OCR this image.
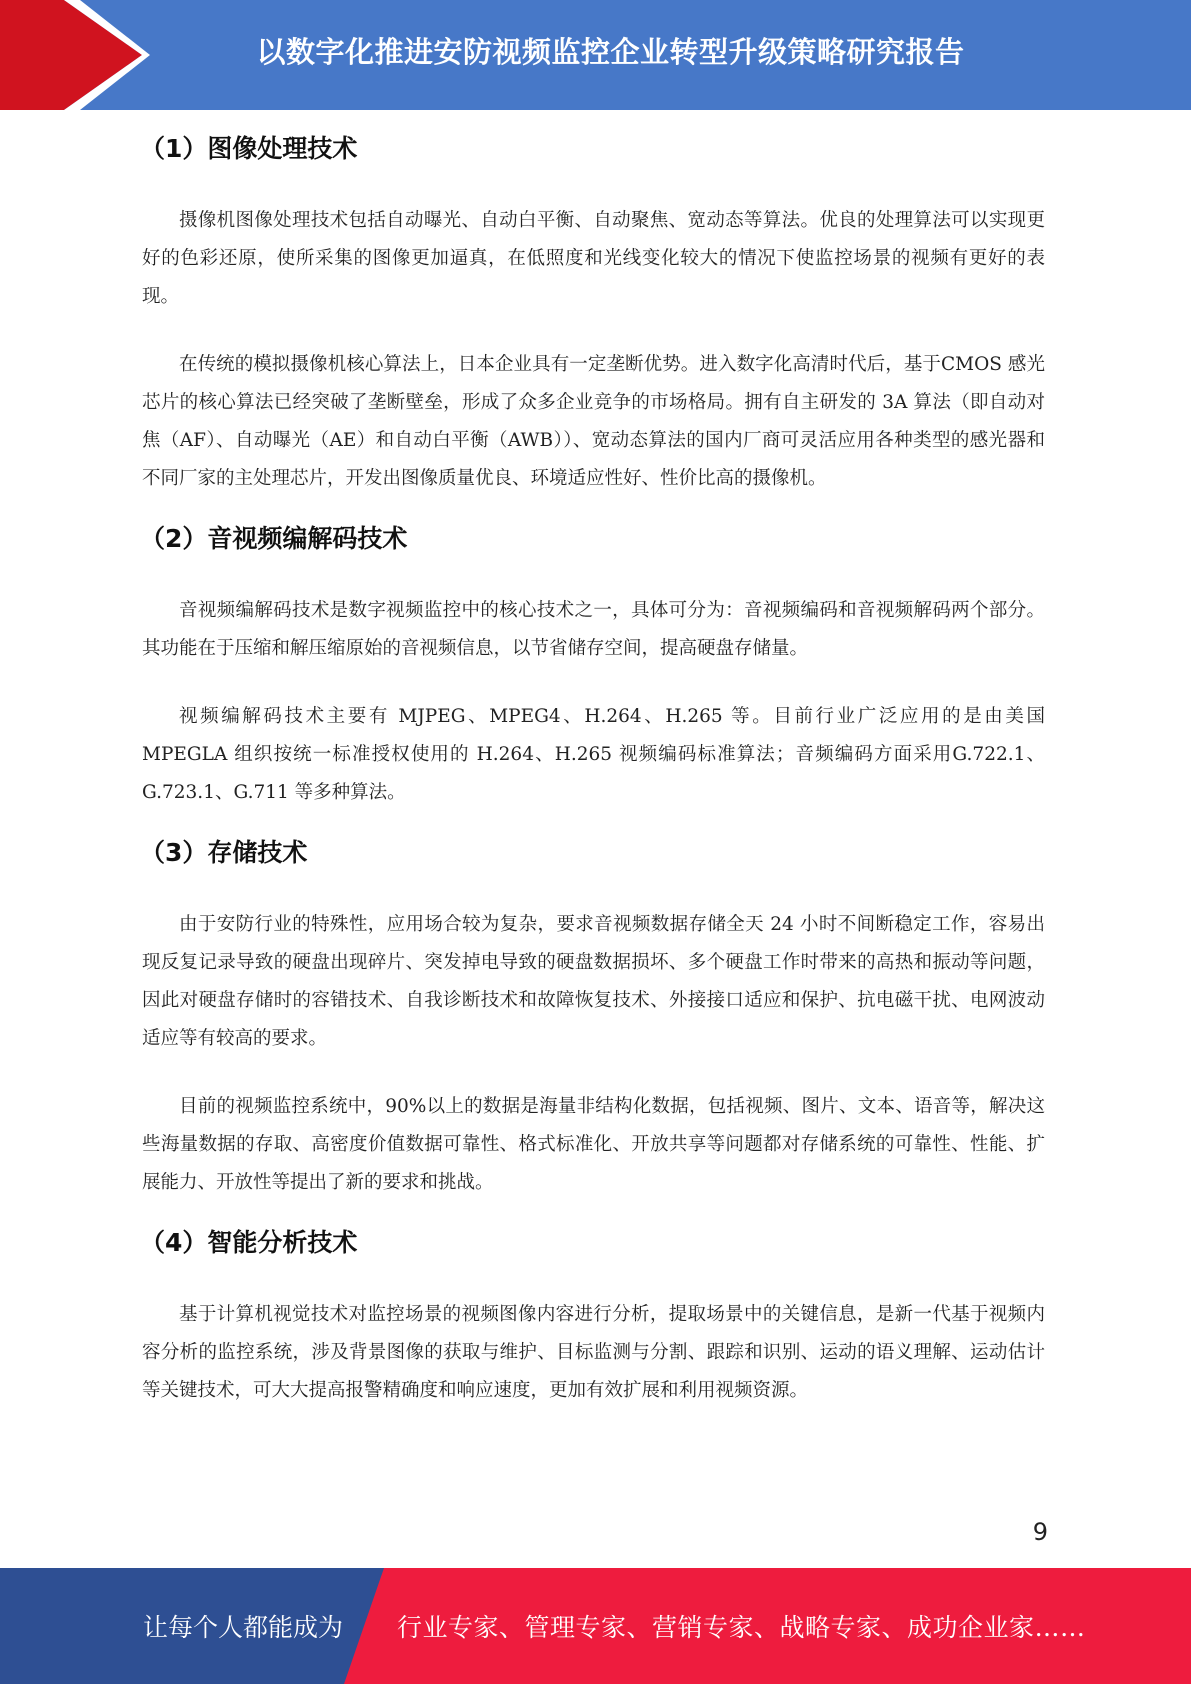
以数字化推进安防视频监控企业转型升级策略研究报告
（1）图像处理技术

摄像机图像处理技术包括自动曝光、自动白平衡、自动聚焦、宽动态等算法。优良的处理算法可以实现更好的色彩还原，使所采集的图像更加逼真，在低照度和光线变化较大的情况下使监控场景的视频有更好的表现。

在传统的模拟摄像机核心算法上，日本企业具有一定垄断优势。进入数字化高清时代后，基于CMOS 感光芯片的核心算法已经突破了垄断壁垒，形成了众多企业竞争的市场格局。拥有自主研发的 3A 算法（即自动对焦（AF）、自动曝光（AE）和自动白平衡（AWB））、宽动态算法的国内厂商可灵活应用各种类型的感光器和不同厂家的主处理芯片，开发出图像质量优良、环境适应性好、性价比高的摄像机。

（2）音视频编解码技术

音视频编解码技术是数字视频监控中的核心技术之一，具体可分为：音视频编码和音视频解码两个部分。其功能在于压缩和解压缩原始的音视频信息，以节省储存空间，提高硬盘存储量。

视频编解码技术主要有 MJPEG、MPEG4、H.264、H.265 等。目前行业广泛应用的是由美国MPEGLA 组织按统一标准授权使用的 H.264、H.265 视频编码标准算法；音频编码方面采用G.722.1、G.723.1、G.711 等多种算法。

（3）存储技术

由于安防行业的特殊性，应用场合较为复杂，要求音视频数据存储全天 24 小时不间断稳定工作，容易出现反复记录导致的硬盘出现碎片、突发掉电导致的硬盘数据损坏、多个硬盘工作时带来的高热和振动等问题，因此对硬盘存储时的容错技术、自我诊断技术和故障恢复技术、外接接口适应和保护、抗电磁干扰、电网波动适应等有较高的要求。

目前的视频监控系统中，90%以上的数据是海量非结构化数据，包括视频、图片、文本、语音等，解决这些海量数据的存取、高密度价值数据可靠性、格式标准化、开放共享等问题都对存储系统的可靠性、性能、扩展能力、开放性等提出了新的要求和挑战。

（4）智能分析技术

基于计算机视觉技术对监控场景的视频图像内容进行分析，提取场景中的关键信息，是新一代基于视频内容分析的监控系统，涉及背景图像的获取与维护、目标监测与分割、跟踪和识别、运动的语义理解、运动估计等关键技术，可大大提高报警精确度和响应速度，更加有效扩展和利用视频资源。

9
让每个人都能成为 行业专家、管理专家、营销专家、战略专家、成功企业家……
